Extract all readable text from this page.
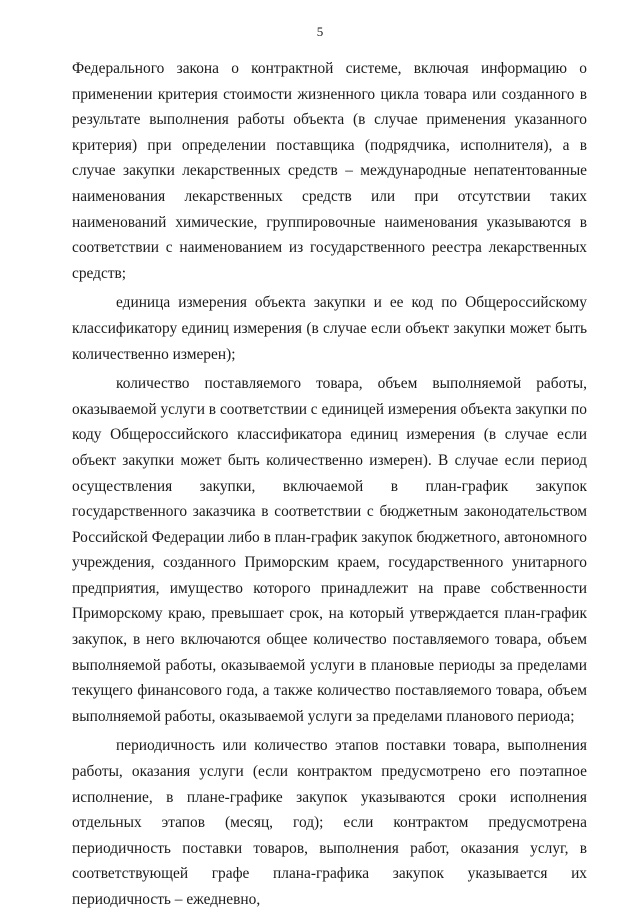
5

Федерального закона о контрактной системе, включая информацию о применении критерия стоимости жизненного цикла товара или созданного в результате выполнения работы объекта (в случае применения указанного критерия) при определении поставщика (подрядчика, исполнителя), а в случае закупки лекарственных средств – международные непатентованные наименования лекарственных средств или при отсутствии таких наименований химические, группировочные наименования указываются в соответствии с наименованием из государственного реестра лекарственных средств;

единица измерения объекта закупки и ее код по Общероссийскому классификатору единиц измерения (в случае если объект закупки может быть количественно измерен);

количество поставляемого товара, объем выполняемой работы, оказываемой услуги в соответствии с единицей измерения объекта закупки по коду Общероссийского классификатора единиц измерения (в случае если объект закупки может быть количественно измерен). В случае если период осуществления закупки, включаемой в план-график закупок государственного заказчика в соответствии с бюджетным законодательством Российской Федерации либо в план-график закупок бюджетного, автономного учреждения, созданного Приморским краем, государственного унитарного предприятия, имущество которого принадлежит на праве собственности Приморскому краю, превышает срок, на который утверждается план-график закупок, в него включаются общее количество поставляемого товара, объем выполняемой работы, оказываемой услуги в плановые периоды за пределами текущего финансового года, а также количество поставляемого товара, объем выполняемой работы, оказываемой услуги за пределами планового периода;

периодичность или количество этапов поставки товара, выполнения работы, оказания услуги (если контрактом предусмотрено его поэтапное исполнение, в плане-графике закупок указываются сроки исполнения отдельных этапов (месяц, год); если контрактом предусмотрена периодичность поставки товаров, выполнения работ, оказания услуг, в соответствующей графе плана-графика закупок указывается их периодичность – ежедневно,
